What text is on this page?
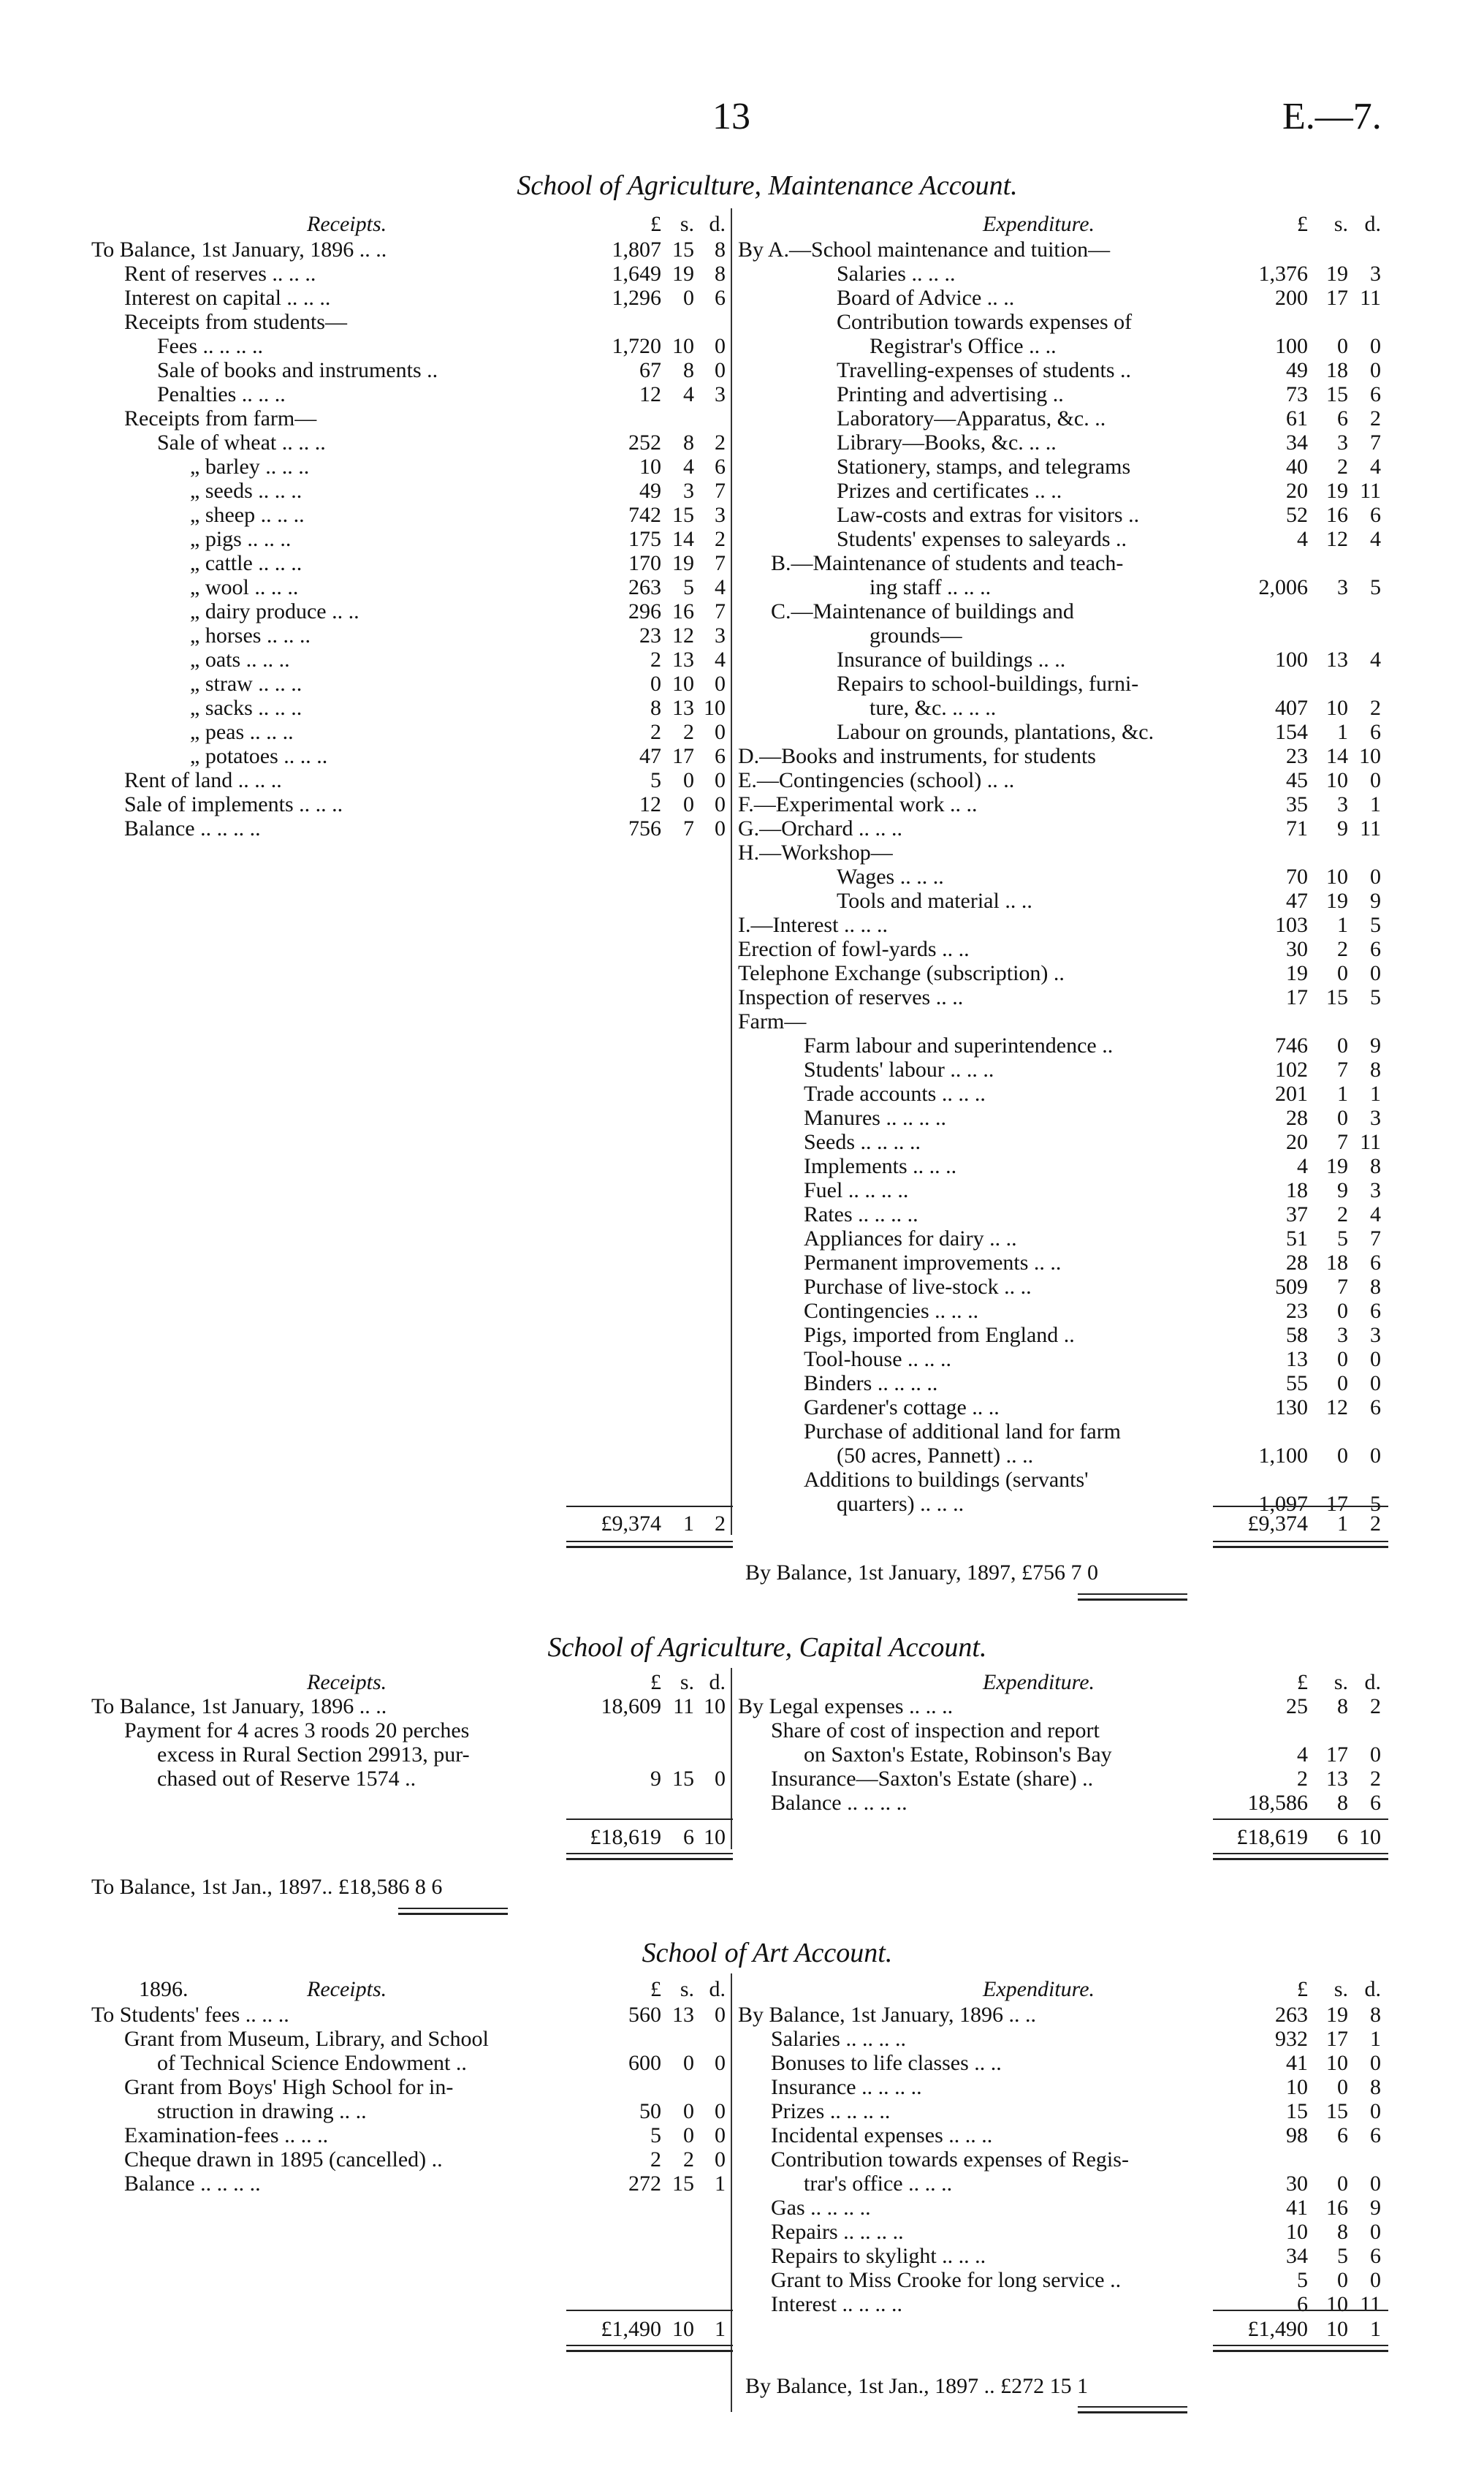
13	E.—7.
School of Agriculture, Maintenance Account.
Receipts.	£ s. d.
To Balance, 1st January, 1896 .. ..	1,807 15 8
Rent of reserves .. .. ..	1,649 19 8
Interest on capital .. .. ..	1,296	0 6
Receipts from students—
Fees .. .. .. ..	1,720 10 0
Sale of books and instruments ..	67	8 0
Penalties .. .. ..	12	4 3
Receipts from farm—
Sale of wheat .. .. ..	252	8 2
„ barley .. .. ..	10	4 6
„ seeds .. .. ..	49	3 7
„ sheep .. .. ..	742 15 3
„ pigs .. .. ..	175 14 2
„ cattle .. .. ..	170 19 7
„ wool .. .. ..	263	5 4
„ dairy produce .. ..	296 16 7
„ horses .. .. ..	23 12 3
„ oats .. .. ..	2 13 4
„ straw .. .. ..	0 10 0
„ sacks .. .. ..	8 13 10
„ peas .. .. ..	2	2 0
„ potatoes .. .. ..	47 17 6
Rent of land .. .. ..	5	0 0
Sale of implements .. .. ..	12	0 0
Balance .. .. .. ..	756	7 0
£9,374	1 2
Expenditure.	£	s. d.
By A.—School maintenance and tuition—
Salaries .. .. ..	1,376 19	3
Board of Advice .. ..	200 17 11
Contribution towards expenses of
Registrar's Office .. ..	100	0	0
Travelling-expenses of students ..	49 18	0
Printing and advertising ..	73 15	6
Laboratory—Apparatus, &c. ..	61	6	2
Library—Books, &c. .. ..	34	3	7
Stationery, stamps, and telegrams	40	2	4
Prizes and certificates .. ..	20 19 11
Law-costs and extras for visitors ..	52 16	6
Students' expenses to saleyards ..	4 12	4
B.—Maintenance of students and teach-
ing staff .. .. ..	2,006	3	5
C.—Maintenance of buildings and
grounds—
Insurance of buildings .. ..	100 13	4
Repairs to school-buildings, furni-
ture, &c. .. .. ..	407 10	2
Labour on grounds, plantations, &c.	154	1	6
D.—Books and instruments, for students	23 14 10
E.—Contingencies (school) .. ..	45 10	0
F.—Experimental work .. ..	35	3	1
G.—Orchard .. .. ..	71	9 11
H.—Workshop—
Wages .. .. ..	70 10	0
Tools and material .. ..	47 19	9
I.—Interest .. .. ..	103	1	5
Erection of fowl-yards .. ..	30	2	6
Telephone Exchange (subscription) ..	19	0	0
Inspection of reserves .. ..	17 15	5
Farm—
Farm labour and superintendence ..	746	0	9
Students' labour .. .. ..	102	7	8
Trade accounts .. .. ..	201	1	1
Manures .. .. .. ..	28	0	3
Seeds .. .. .. ..	20	7 11
Implements .. .. ..	4 19	8
Fuel .. .. .. ..	18	9	3
Rates .. .. .. ..	37	2	4
Appliances for dairy .. ..	51	5	7
Permanent improvements .. ..	28 18	6
Purchase of live-stock .. ..	509	7	8
Contingencies .. .. ..	23	0	6
Pigs, imported from England ..	58	3	3
Tool-house .. .. ..	13	0	0
Binders .. .. .. ..	55	0	0
Gardener's cottage .. ..	130 12	6
Purchase of additional land for farm
(50 acres, Pannett) .. ..	1,100	0	0
Additions to buildings (servants'
quarters) .. .. ..	1,097 17	5
£9,374	1	2
By Balance, 1st January, 1897, £756 7 0
School of Agriculture, Capital Account.
Receipts.	£ s. d.
To Balance, 1st January, 1896 .. ..	18,609 11 10
Payment for 4 acres 3 roods 20 perches
excess in Rural Section 29913, pur-
chased out of Reserve 1574 ..	9 15 0
£18,619	6 10
To Balance, 1st Jan., 1897.. £18,586 8 6
Expenditure.	£	s. d.
By Legal expenses .. .. ..	25	8	2
Share of cost of inspection and report
on Saxton's Estate, Robinson's Bay	4 17	0
Insurance—Saxton's Estate (share) ..	2 13	2
Balance .. .. .. ..	18,586	8	6
£18,619	6 10
School of Art Account.
Receipts.
1896.	£ s. d.
To Students' fees .. .. ..	560 13 0
Grant from Museum, Library, and School
of Technical Science Endowment ..	600	0 0
Grant from Boys' High School for in-
struction in drawing .. ..	50	0 0
Examination-fees .. .. ..	5	0 0
Cheque drawn in 1895 (cancelled) ..	2	2 0
Balance .. .. .. ..	272 15 1
£1,490 10 1
Expenditure.	£	s. d.
By Balance, 1st January, 1896 .. ..	263 19	8
Salaries .. .. .. ..	932 17	1
Bonuses to life classes .. ..	41 10	0
Insurance .. .. .. ..	10	0	8
Prizes .. .. .. ..	15 15	0
Incidental expenses .. .. ..	98	6	6
Contribution towards expenses of Regis-
trar's office .. .. ..	30	0	0
Gas .. .. .. ..	41 16	9
Repairs .. .. .. ..	10	8	0
Repairs to skylight .. .. ..	34	5	6
Grant to Miss Crooke for long service ..	5	0	0
Interest .. .. .. ..	6 10 11
£1,490 10	1
By Balance, 1st Jan., 1897 .. £272 15 1
